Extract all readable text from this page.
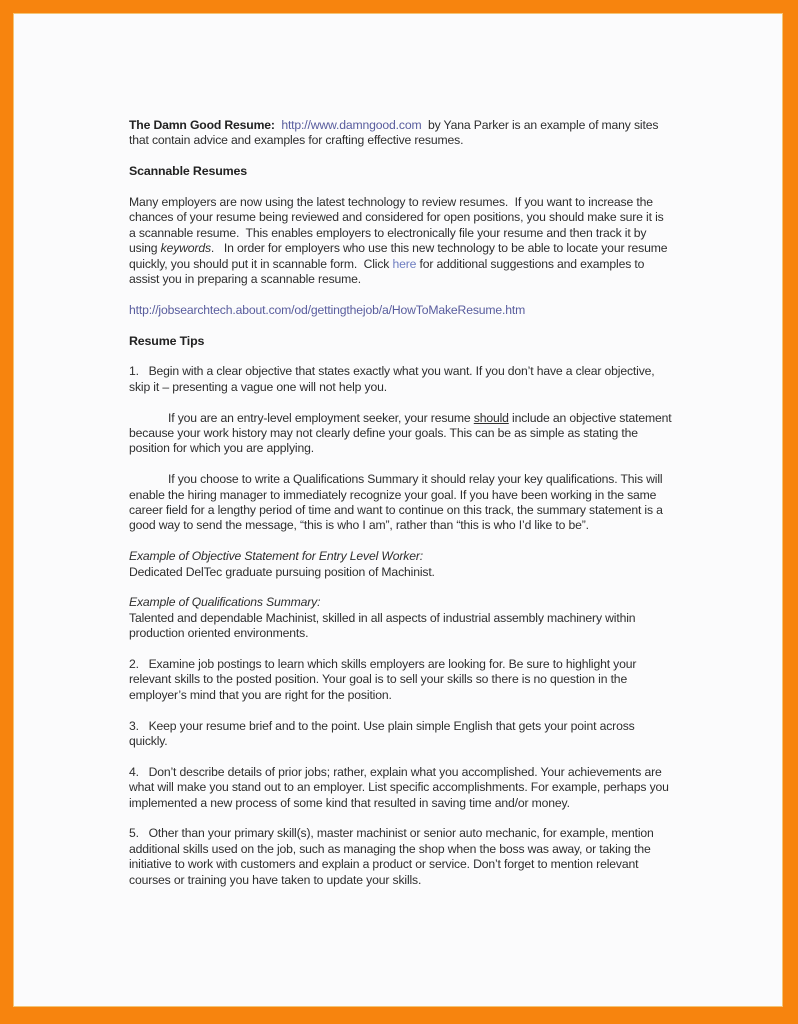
The Damn Good Resume: http://www.damngood.com  by Yana Parker is an example of many sites that contain advice and examples for crafting effective resumes.

Scannable Resumes

Many employers are now using the latest technology to review resumes.  If you want to increase the chances of your resume being reviewed and considered for open positions, you should make sure it is a scannable resume.  This enables employers to electronically file your resume and then track it by using keywords.   In order for employers who use this new technology to be able to locate your resume quickly, you should put it in scannable form.  Click here for additional suggestions and examples to assist you in preparing a scannable resume.

http://jobsearchtech.about.com/od/gettingthejob/a/HowToMakeResume.htm

Resume Tips

1.   Begin with a clear objective that states exactly what you want. If you don’t have a clear objective, skip it – presenting a vague one will not help you.

If you are an entry-level employment seeker, your resume should include an objective statement because your work history may not clearly define your goals. This can be as simple as stating the position for which you are applying.

If you choose to write a Qualifications Summary it should relay your key qualifications. This will enable the hiring manager to immediately recognize your goal. If you have been working in the same career field for a lengthy period of time and want to continue on this track, the summary statement is a good way to send the message, “this is who I am”, rather than “this is who I’d like to be”.

Example of Objective Statement for Entry Level Worker:

Dedicated DelTec graduate pursuing position of Machinist.

Example of Qualifications Summary:

Talented and dependable Machinist, skilled in all aspects of industrial assembly machinery within production oriented environments.

2.   Examine job postings to learn which skills employers are looking for. Be sure to highlight your relevant skills to the posted position. Your goal is to sell your skills so there is no question in the employer’s mind that you are right for the position.

3.   Keep your resume brief and to the point. Use plain simple English that gets your point across quickly.

4.   Don’t describe details of prior jobs; rather, explain what you accomplished. Your achievements are what will make you stand out to an employer. List specific accomplishments. For example, perhaps you implemented a new process of some kind that resulted in saving time and/or money.

5.   Other than your primary skill(s), master machinist or senior auto mechanic, for example, mention additional skills used on the job, such as managing the shop when the boss was away, or taking the initiative to work with customers and explain a product or service. Don’t forget to mention relevant courses or training you have taken to update your skills.
